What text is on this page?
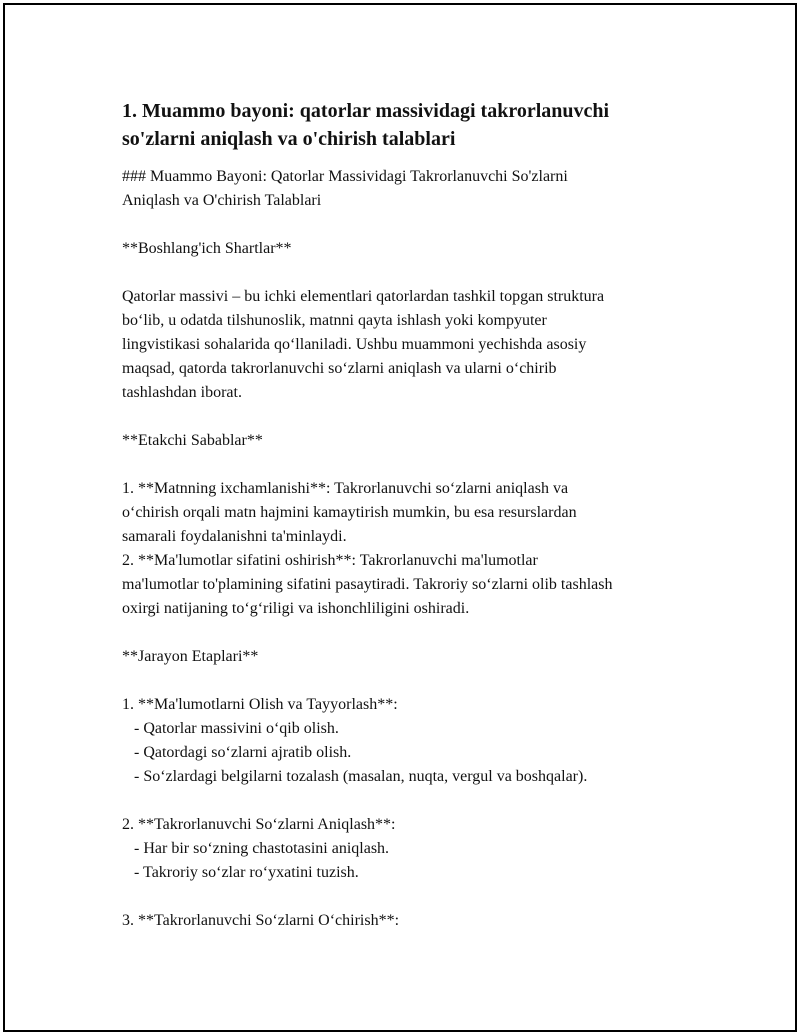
1. Muammo bayoni: qatorlar massividagi takrorlanuvchi
so'zlarni aniqlash va o'chirish talablari
### Muammo Bayoni: Qatorlar Massividagi Takrorlanuvchi So'zlarni
Aniqlash va O'chirish Talablari
**Boshlang'ich Shartlar**
Qatorlar massivi – bu ichki elementlari qatorlardan tashkil topgan struktura
bo‘lib, u odatda tilshunoslik, matnni qayta ishlash yoki kompyuter
lingvistikasi sohalarida qo‘llaniladi. Ushbu muammoni yechishda asosiy
maqsad, qatorda takrorlanuvchi so‘zlarni aniqlash va ularni o‘chirib
tashlashdan iborat.
**Etakchi Sabablar**
1. **Matnning ixchamlanishi**: Takrorlanuvchi so‘zlarni aniqlash va
o‘chirish orqali matn hajmini kamaytirish mumkin, bu esa resurslardan
samarali foydalanishni ta'minlaydi.
2. **Ma'lumotlar sifatini oshirish**: Takrorlanuvchi ma'lumotlar
ma'lumotlar to'plamining sifatini pasaytiradi. Takroriy so‘zlarni olib tashlash
oxirgi natijaning to‘g‘riligi va ishonchliligini oshiradi.
**Jarayon Etaplari**
1. **Ma'lumotlarni Olish va Tayyorlash**:
- Qatorlar massivini o‘qib olish.
- Qatordagi so‘zlarni ajratib olish.
- So‘zlardagi belgilarni tozalash (masalan, nuqta, vergul va boshqalar).
2. **Takrorlanuvchi So‘zlarni Aniqlash**:
- Har bir so‘zning chastotasini aniqlash.
- Takroriy so‘zlar ro‘yxatini tuzish.
3. **Takrorlanuvchi So‘zlarni O‘chirish**:
